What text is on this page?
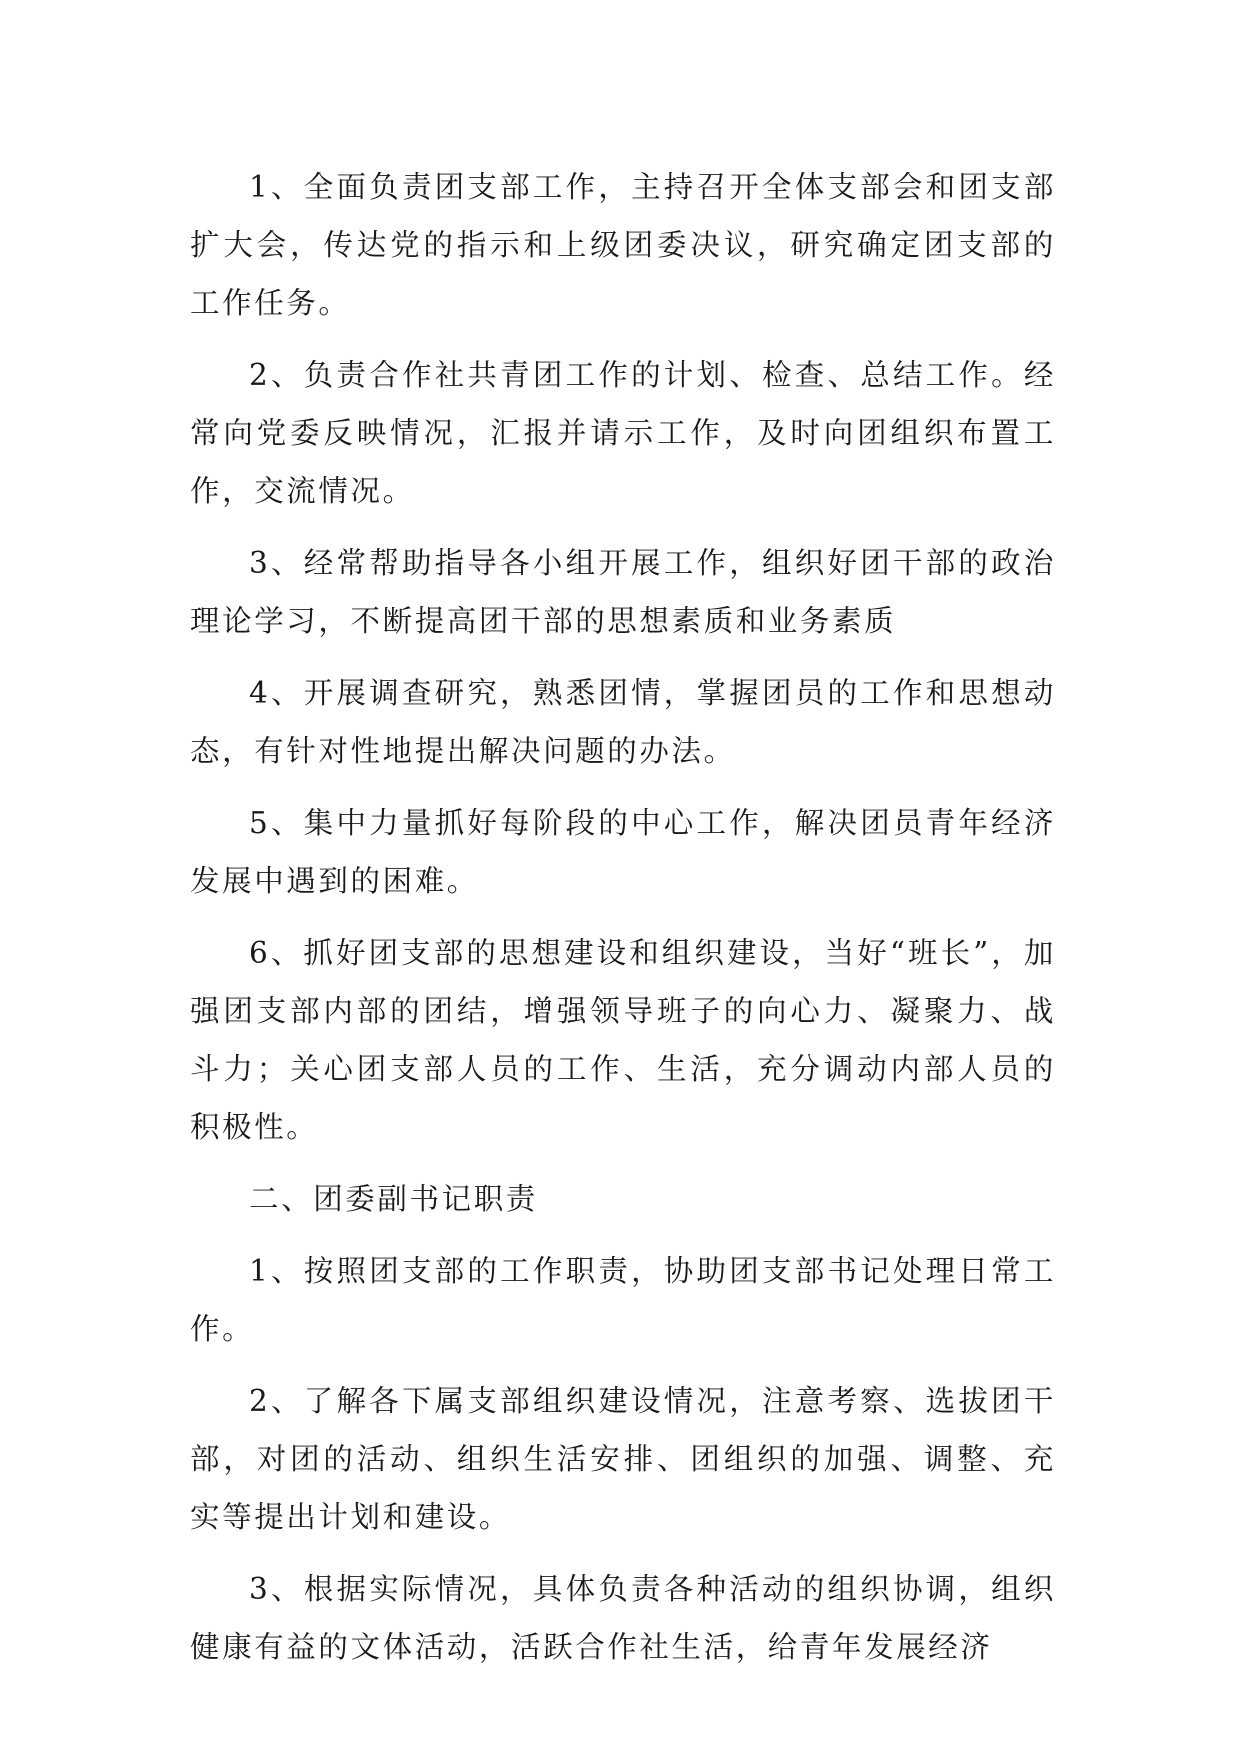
1、全面负责团支部工作，主持召开全体支部会和团支部扩大会，传达党的指示和上级团委决议，研究确定团支部的工作任务。

2、负责合作社共青团工作的计划、检查、总结工作。经常向党委反映情况，汇报并请示工作，及时向团组织布置工作，交流情况。

3、经常帮助指导各小组开展工作，组织好团干部的政治理论学习，不断提高团干部的思想素质和业务素质

4、开展调查研究，熟悉团情，掌握团员的工作和思想动态，有针对性地提出解决问题的办法。

5、集中力量抓好每阶段的中心工作，解决团员青年经济发展中遇到的困难。

6、抓好团支部的思想建设和组织建设，当好“班长”，加强团支部内部的团结，增强领导班子的向心力、凝聚力、战斗力；关心团支部人员的工作、生活，充分调动内部人员的积极性。

二、团委副书记职责

1、按照团支部的工作职责，协助团支部书记处理日常工作。

2、了解各下属支部组织建设情况，注意考察、选拔团干部，对团的活动、组织生活安排、团组织的加强、调整、充实等提出计划和建设。

3、根据实际情况，具体负责各种活动的组织协调，组织健康有益的文体活动，活跃合作社生活，给青年发展经济
